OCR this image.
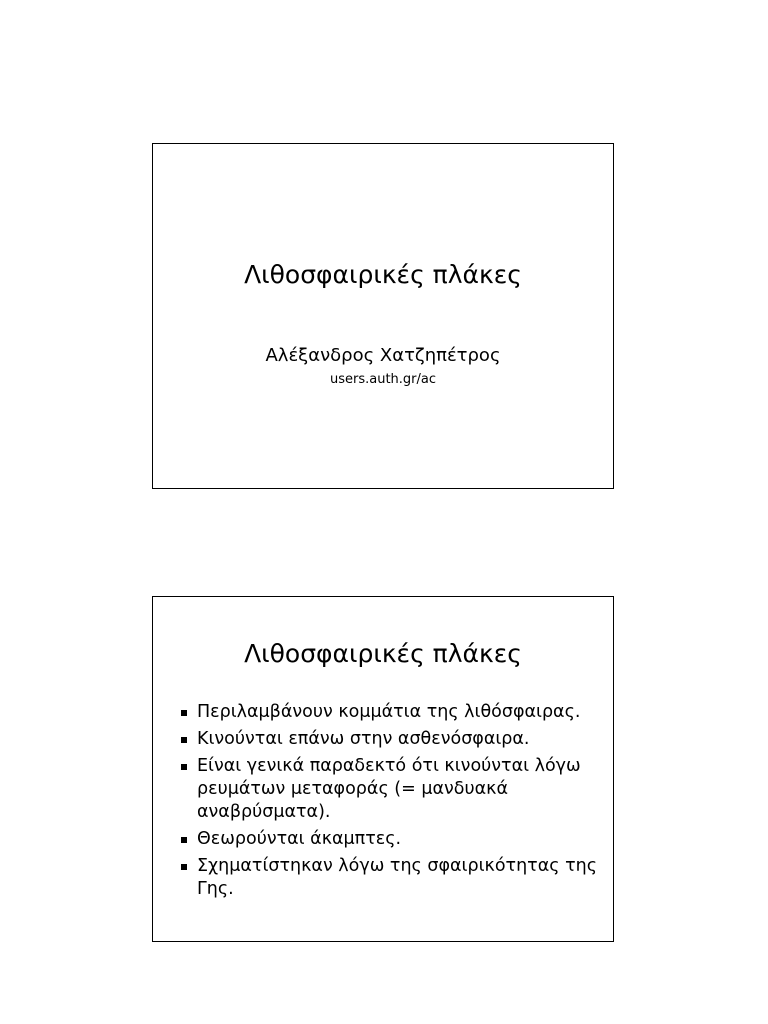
Λιθοσφαιρικές πλάκες
Αλέξανδρος Χατζηπέτρος
users.auth.gr/ac
Λιθοσφαιρικές πλάκες
Περιλαμβάνουν κομμάτια της λιθόσφαιρας.
Κινούνται επάνω στην ασθενόσφαιρα.
Είναι γενικά παραδεκτό ότι κινούνται λόγω ρευμάτων μεταφοράς (= μανδυακά αναβρύσματα).
Θεωρούνται άκαμπτες.
Σχηματίστηκαν λόγω της σφαιρικότητας της Γης.
